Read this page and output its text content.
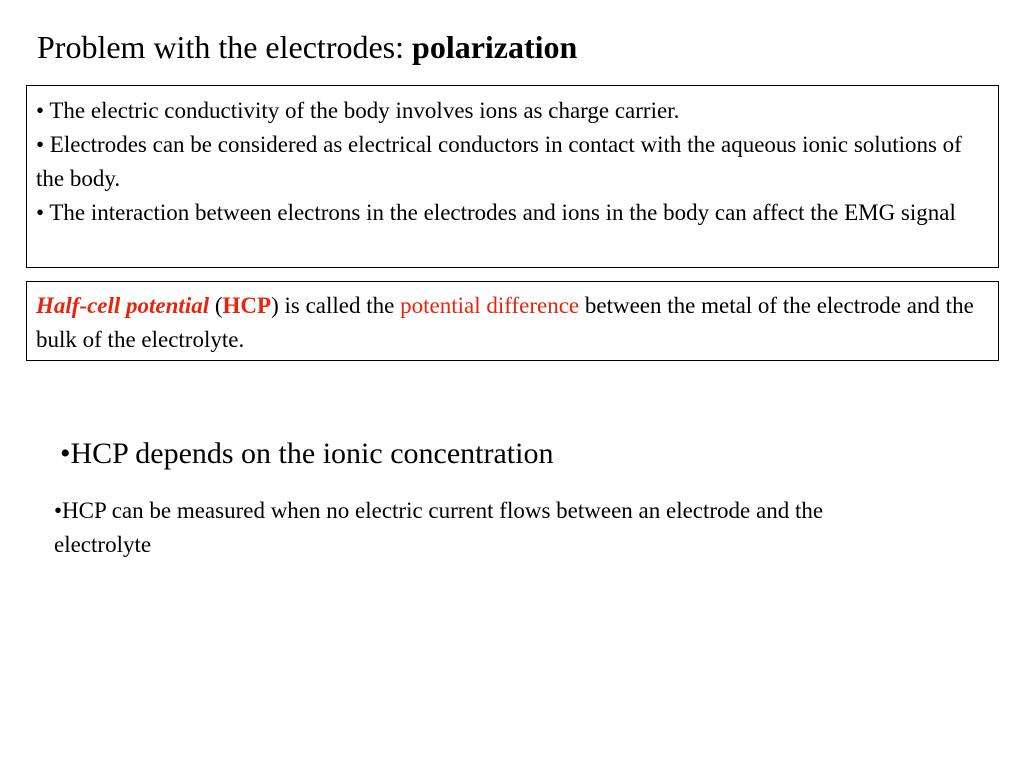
Problem with the electrodes: polarization

• The electric conductivity of the body involves ions as charge carrier.

• Electrodes can be considered as electrical conductors in contact with the aqueous ionic solutions of the body.

• The interaction between electrons in the electrodes and ions in the body can affect the EMG signal

Half-cell potential (HCP) is called the potential difference between the metal of the electrode and the bulk of the electrolyte.

•HCP depends on the ionic concentration
•HCP can be measured when no electric current flows between an electrode and the electrolyte
